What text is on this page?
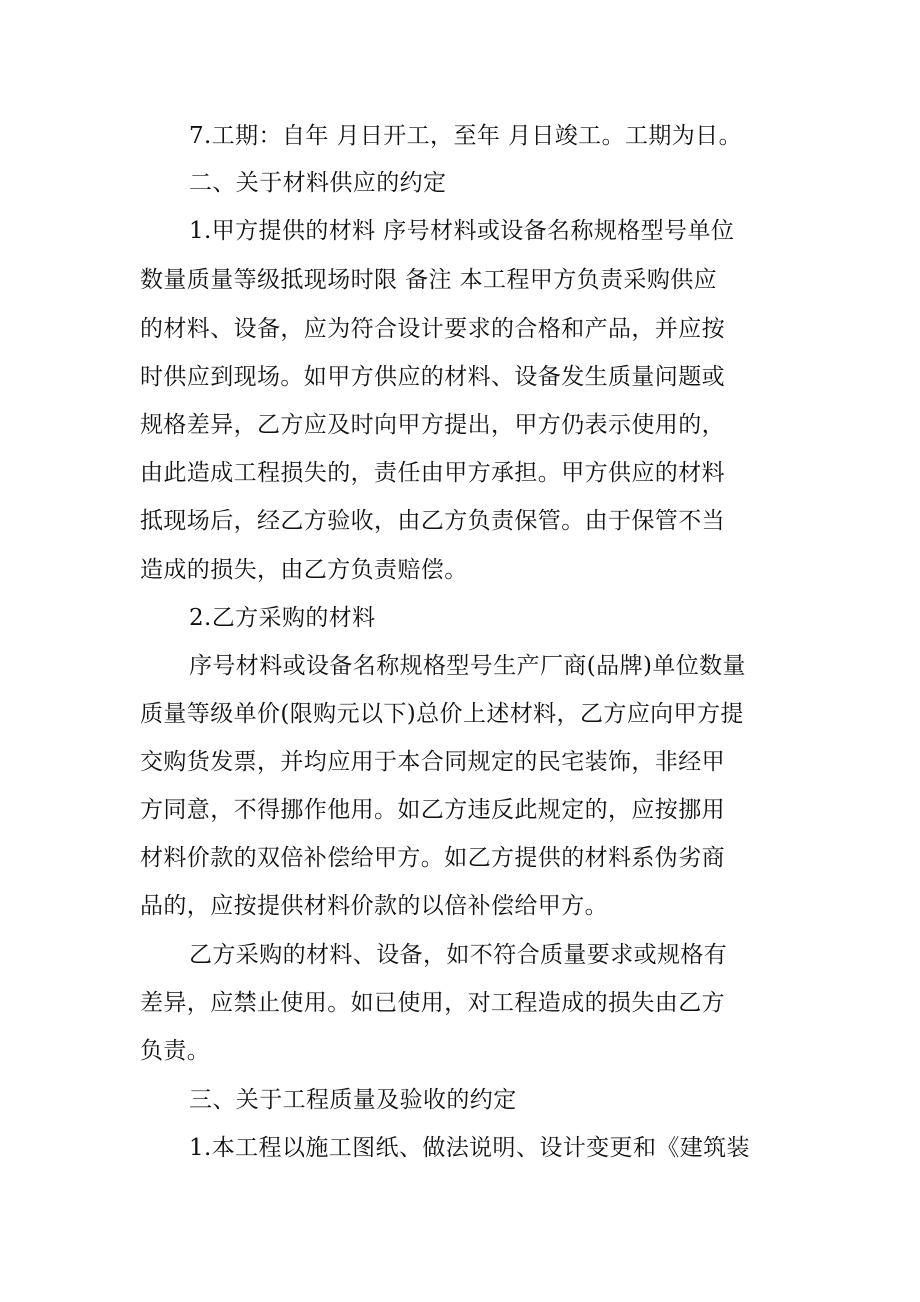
7.工期：自年 月日开工，至年 月日竣工。工期为日。
二、关于材料供应的约定
1.甲方提供的材料 序号材料或设备名称规格型号单位
数量质量等级抵现场时限 备注 本工程甲方负责采购供应
的材料、设备，应为符合设计要求的合格和产品，并应按
时供应到现场。如甲方供应的材料、设备发生质量问题或
规格差异，乙方应及时向甲方提出，甲方仍表示使用的，
由此造成工程损失的，责任由甲方承担。甲方供应的材料
抵现场后，经乙方验收，由乙方负责保管。由于保管不当
造成的损失，由乙方负责赔偿。
2.乙方采购的材料
序号材料或设备名称规格型号生产厂商(品牌)单位数量
质量等级单价(限购元以下)总价上述材料，乙方应向甲方提
交购货发票，并均应用于本合同规定的民宅装饰，非经甲
方同意，不得挪作他用。如乙方违反此规定的，应按挪用
材料价款的双倍补偿给甲方。如乙方提供的材料系伪劣商
品的，应按提供材料价款的以倍补偿给甲方。
乙方采购的材料、设备，如不符合质量要求或规格有
差异，应禁止使用。如已使用，对工程造成的损失由乙方
负责。
三、关于工程质量及验收的约定
1.本工程以施工图纸、做法说明、设计变更和《建筑装
